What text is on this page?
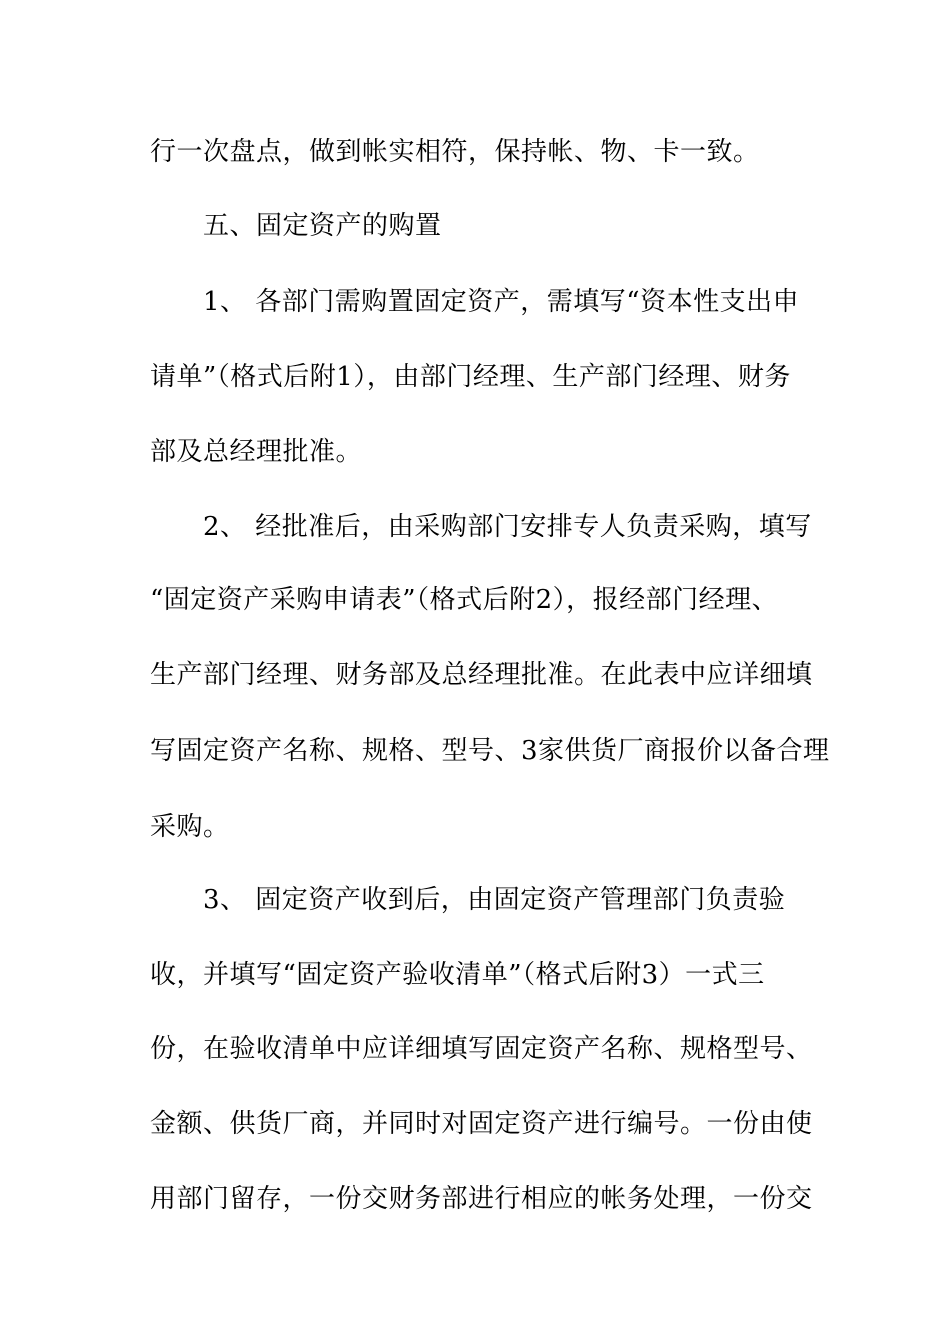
行一次盘点，做到帐实相符，保持帐、物、卡一致。
五、固定资产的购置
1、 各部门需购置固定资产，需填写“资本性支出申
请单”（格式后附1），由部门经理、生产部门经理、财务
部及总经理批准。
2、 经批准后，由采购部门安排专人负责采购，填写
“固定资产采购申请表”（格式后附2），报经部门经理、
生产部门经理、财务部及总经理批准。在此表中应详细填
写固定资产名称、规格、型号、3家供货厂商报价以备合理
采购。
3、 固定资产收到后，由固定资产管理部门负责验
收，并填写“固定资产验收清单”（格式后附3）一式三
份，在验收清单中应详细填写固定资产名称、规格型号、
金额、供货厂商，并同时对固定资产进行编号。一份由使
用部门留存，一份交财务部进行相应的帐务处理，一份交
